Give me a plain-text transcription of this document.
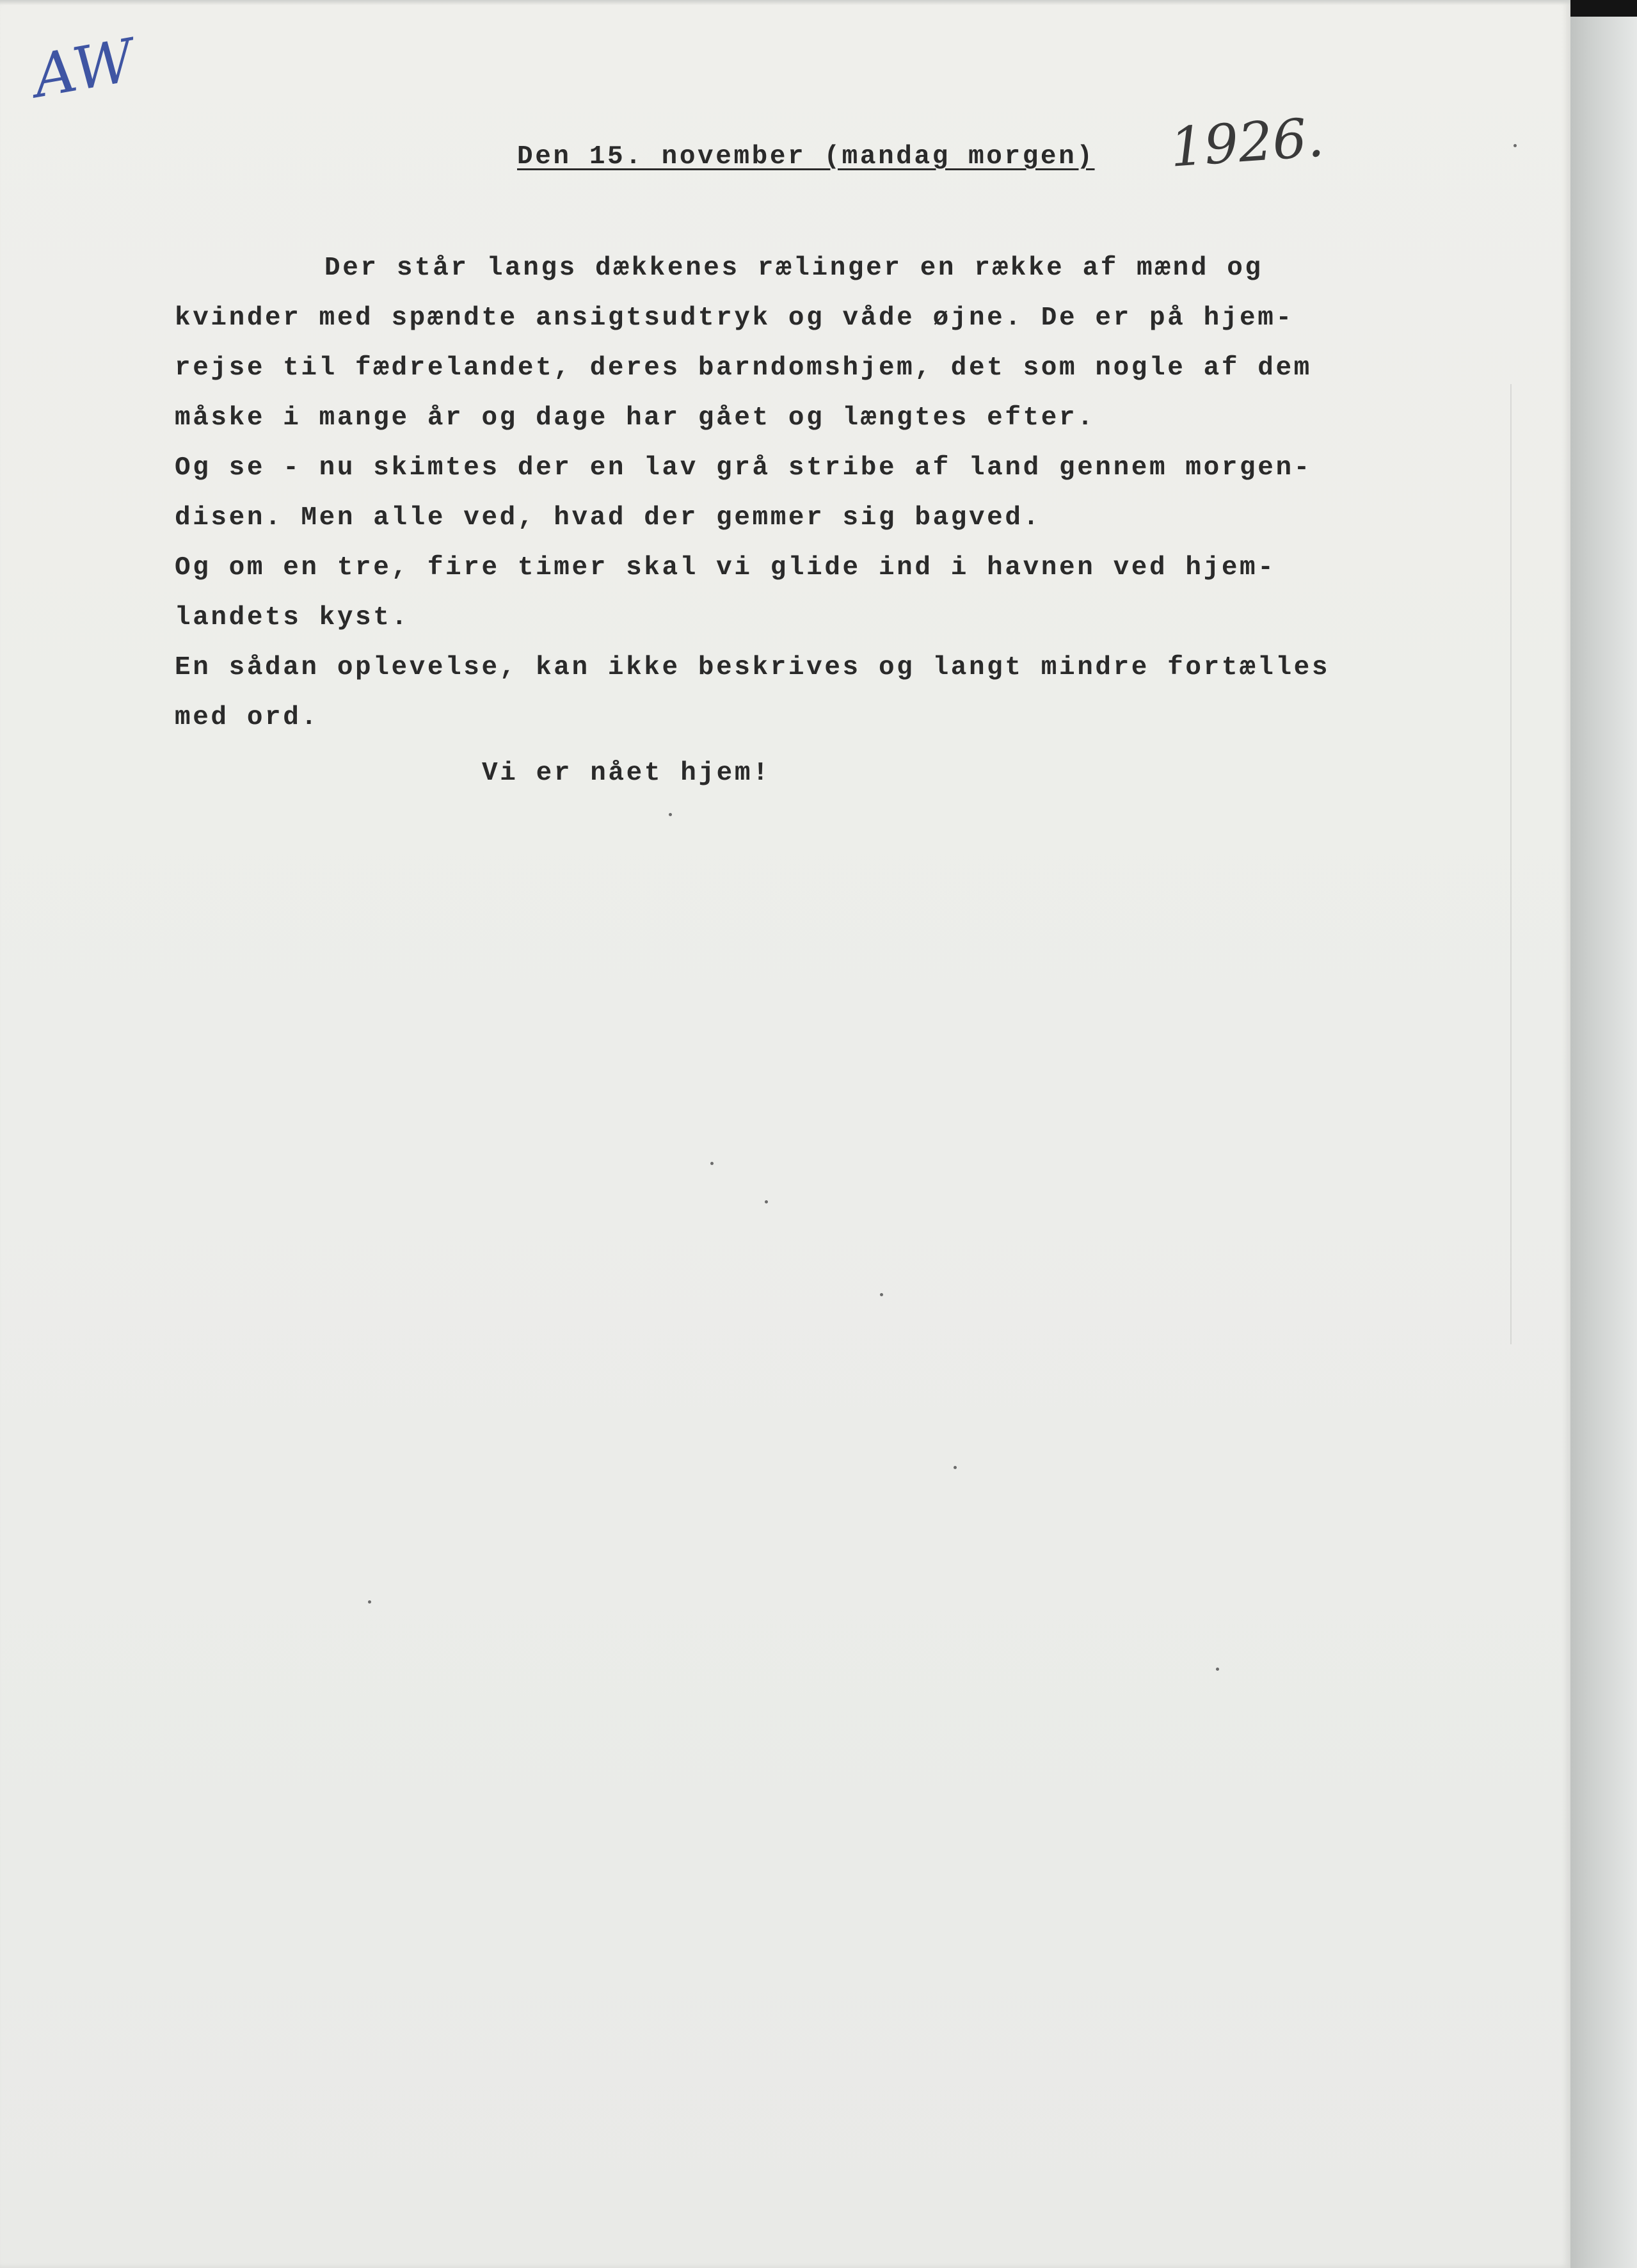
AW
1926.

Den 15. november (mandag morgen)

Der står langs dækkenes rælinger en række af mænd og
kvinder med spændte ansigtsudtryk og våde øjne. De er på hjem-
rejse til fædrelandet, deres barndomshjem, det som nogle af dem
måske i mange år og dage har gået og længtes efter.
Og se - nu skimtes der en lav grå stribe af land gennem morgen-
disen. Men alle ved, hvad der gemmer sig bagved.
Og om en tre, fire timer skal vi glide ind i havnen ved hjem-
landets kyst.
En sådan oplevelse, kan ikke beskrives og langt mindre fortælles
med ord.

Vi er nået hjem!
